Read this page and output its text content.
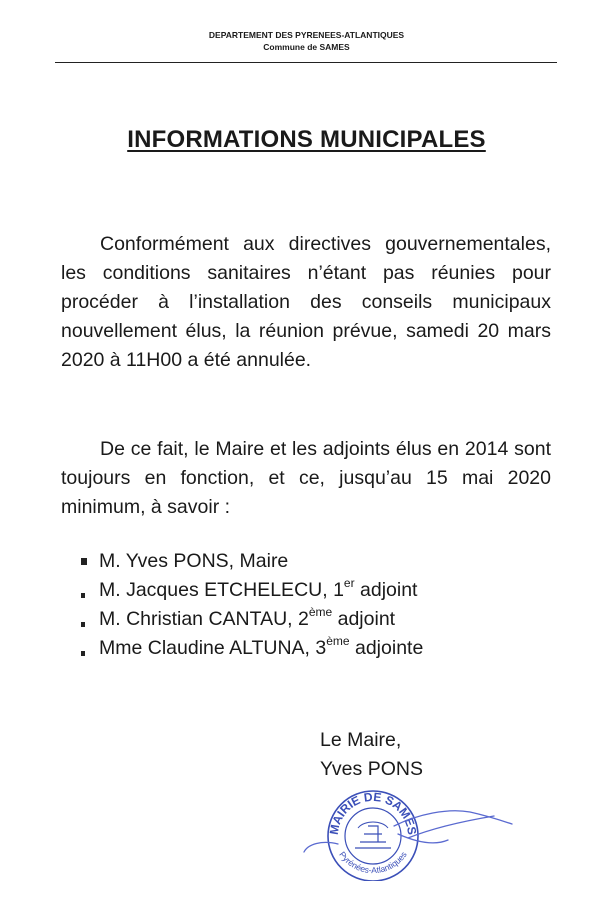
DEPARTEMENT DES PYRENEES-ATLANTIQUES
Commune de SAMES
INFORMATIONS MUNICIPALES
Conformément aux directives gouvernementales, les conditions sanitaires n’étant pas réunies pour procéder à l’installation des conseils municipaux nouvellement élus, la réunion prévue, samedi 20 mars 2020 à 11H00 a été annulée.
De ce fait, le Maire et les adjoints élus en 2014 sont toujours en fonction, et ce, jusqu’au 15 mai 2020 minimum, à savoir :
M. Yves PONS, Maire
M. Jacques ETCHELECU, 1er adjoint
M. Christian CANTAU, 2ème adjoint
Mme Claudine ALTUNA, 3ème adjointe
Le Maire,
Yves PONS
MAIRIE DE SAMES
Pyrénées-Atlantiques
